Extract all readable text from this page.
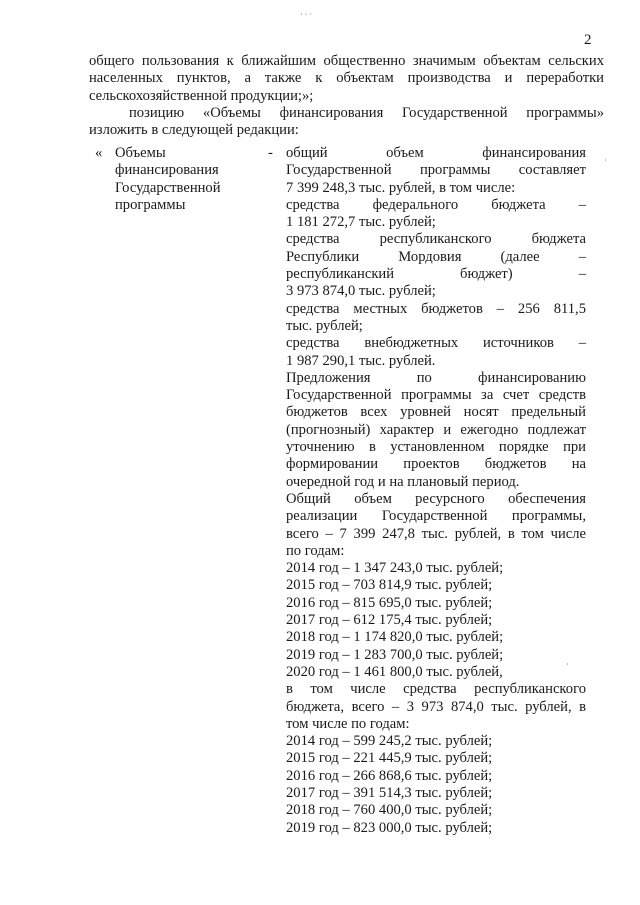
2
общего пользования к ближайшим общественно значимым объектам сельских
населенных пунктов, а также к объектам производства и переработки
сельскохозяйственной продукции;»;
позицию «Объемы финансирования Государственной программы»
изложить в следующей редакции:
« Объемы
финансирования
Государственной
программы
- общий объем финансирования
Государственной программы составляет
7 399 248,3 тыс. рублей, в том числе:
средства федерального бюджета –
1 181 272,7 тыс. рублей;
средства республиканского бюджета
Республики Мордовия (далее –
республиканский бюджет) –
3 973 874,0 тыс. рублей;
средства местных бюджетов – 256 811,5
тыс. рублей;
средства внебюджетных источников –
1 987 290,1 тыс. рублей.
Предложения по финансированию
Государственной программы за счет средств
бюджетов всех уровней носят предельный
(прогнозный) характер и ежегодно подлежат
уточнению в установленном порядке при
формировании проектов бюджетов на
очередной год и на плановый период.
Общий объем ресурсного обеспечения
реализации Государственной программы,
всего – 7 399 247,8 тыс. рублей, в том числе
по годам:
2014 год – 1 347 243,0 тыс. рублей;
2015 год – 703 814,9 тыс. рублей;
2016 год – 815 695,0 тыс. рублей;
2017 год – 612 175,4 тыс. рублей;
2018 год – 1 174 820,0 тыс. рублей;
2019 год – 1 283 700,0 тыс. рублей;
2020 год – 1 461 800,0 тыс. рублей,
в том числе средства республиканского
бюджета, всего – 3 973 874,0 тыс. рублей, в
том числе по годам:
2014 год – 599 245,2 тыс. рублей;
2015 год – 221 445,9 тыс. рублей;
2016 год – 266 868,6 тыс. рублей;
2017 год – 391 514,3 тыс. рублей;
2018 год – 760 400,0 тыс. рублей;
2019 год – 823 000,0 тыс. рублей;
· · ·
·
·
